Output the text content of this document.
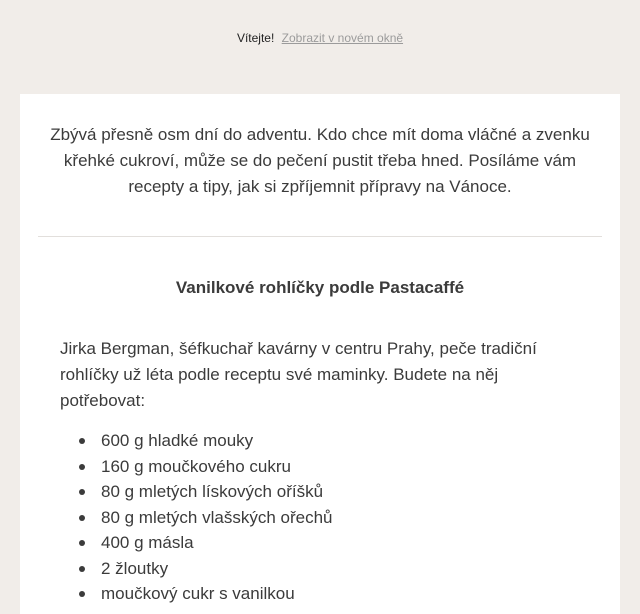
Vítejte! Zobrazit v novém okně
Zbývá přesně osm dní do adventu. Kdo chce mít doma vláčné a zvenku křehké cukroví, může se do pečení pustit třeba hned. Posíláme vám recepty a tipy, jak si zpříjemnit přípravy na Vánoce.
Vanilkové rohlíčky podle Pastacaffé
Jirka Bergman, šéfkuchař kavárny v centru Prahy, peče tradiční rohlíčky už léta podle receptu své maminky. Budete na něj potřebovat:
600 g hladké mouky
160 g moučkového cukru
80 g mletých lískových oříšků
80 g mletých vlašských ořechů
400 g másla
2 žloutky
moučkový cukr s vanilkou
